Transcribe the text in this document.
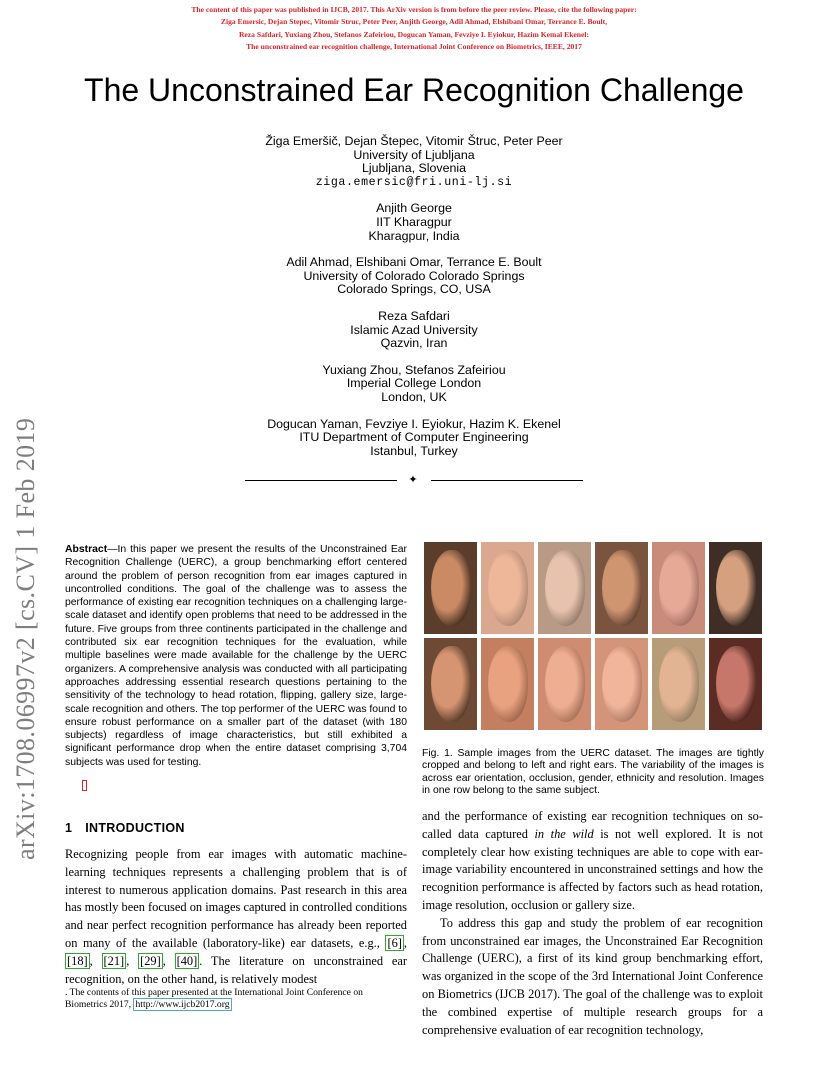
The content of this paper was published in IJCB, 2017. This ArXiv version is from before the peer review. Please, cite the following paper:
Ziga Emersic, Dejan Stepec, Vitomir Struc, Peter Peer, Anjith George, Adil Ahmad, Elshibani Omar, Terrance E. Boult,
Reza Safdari, Yuxiang Zhou, Stefanos Zafeiriou, Dogucan Yaman, Fevziye I. Eyiokur, Hazim Kemal Ekenel:
The unconstrained ear recognition challenge, International Joint Conference on Biometrics, IEEE, 2017
The Unconstrained Ear Recognition Challenge
Žiga Emeršič, Dejan Štepec, Vitomir Štruc, Peter Peer
University of Ljubljana
Ljubljana, Slovenia
ziga.emersic@fri.uni-lj.si
Anjith George
IIT Kharagpur
Kharagpur, India
Adil Ahmad, Elshibani Omar, Terrance E. Boult
University of Colorado Colorado Springs
Colorado Springs, CO, USA
Reza Safdari
Islamic Azad University
Qazvin, Iran
Yuxiang Zhou, Stefanos Zafeiriou
Imperial College London
London, UK
Dogucan Yaman, Fevziye I. Eyiokur, Hazim K. Ekenel
ITU Department of Computer Engineering
Istanbul, Turkey
✦
arXiv:1708.06997v2 [cs.CV] 1 Feb 2019	Abstract—In this paper we present the results of the Unconstrained Ear Recognition Challenge (UERC), a group benchmarking effort centered around the problem of person recognition from ear images captured in uncontrolled conditions. The goal of the challenge was to assess the performance of existing ear recognition techniques on a challenging large-scale dataset and identify open problems that need to be addressed in the future. Five groups from three continents participated in the challenge and contributed six ear recognition techniques for the evaluation, while multiple baselines were made available for the challenge by the UERC organizers. A comprehensive analysis was conducted with all participating approaches addressing essential research questions pertaining to the sensitivity of the technology to head rotation, flipping, gallery size, large-scale recognition and others. The top performer of the UERC was found to ensure robust performance on a smaller part of the dataset (with 180 subjects) regardless of image characteristics, but still exhibited a significant performance drop when the entire dataset comprising 3,704 subjects was used for testing.
Fig. 1. Sample images from the UERC dataset. The images are tightly cropped and belong to left and right ears. The variability of the images is across ear orientation, occlusion, gender, ethnicity and resolution. Images in one row belong to the same subject.
1 INTRODUCTION

Recognizing people from ear images with automatic machine-learning techniques represents a challenging problem that is of interest to numerous application domains. Past research in this area has mostly been focused on images captured in controlled conditions and near perfect recognition performance has already been reported on many of the available (laboratory-like) ear datasets, e.g., [6] , [18] , [21] , [29] , [40] . The literature on unconstrained ear recognition, on the other hand, is relatively modest

. The contents of this paper presented at the International Joint Conference on Biometrics 2017, http://www.ijcb2017.org

and the performance of existing ear recognition techniques on so-called data captured in the wild is not well explored. It is not completely clear how existing techniques are able to cope with ear-image variability encountered in unconstrained settings and how the recognition performance is affected by factors such as head rotation, image resolution, occlusion or gallery size.

To address this gap and study the problem of ear recognition from unconstrained ear images, the Unconstrained Ear Recognition Challenge (UERC), a first of its kind group benchmarking effort, was organized in the scope of the 3rd International Joint Conference on Biometrics (IJCB 2017). The goal of the challenge was to exploit the combined expertise of multiple research groups for a comprehensive evaluation of ear recognition technology,
